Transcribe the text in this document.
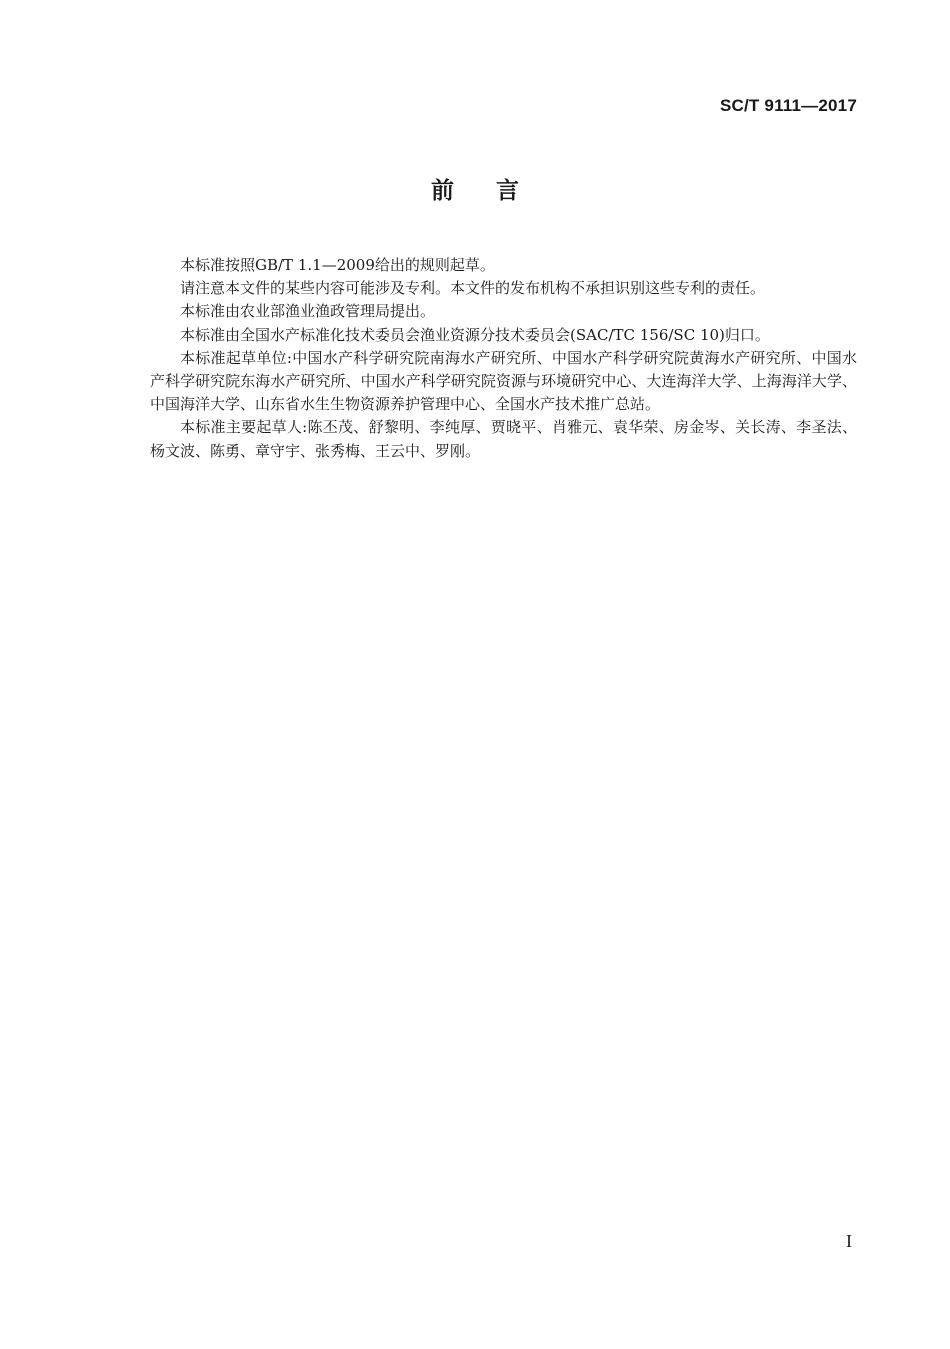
SC/T 9111—2017
前 言

本标准按照GB/T 1.1—2009给出的规则起草。

请注意本文件的某些内容可能涉及专利。本文件的发布机构不承担识别这些专利的责任。

本标准由农业部渔业渔政管理局提出。

本标准由全国水产标准化技术委员会渔业资源分技术委员会(SAC/TC 156/SC 10)归口。

本标准起草单位:中国水产科学研究院南海水产研究所、中国水产科学研究院黄海水产研究所、中国水产科学研究院东海水产研究所、中国水产科学研究院资源与环境研究中心、大连海洋大学、上海海洋大学、中国海洋大学、山东省水生生物资源养护管理中心、全国水产技术推广总站。

本标准主要起草人:陈丕茂、舒黎明、李纯厚、贾晓平、肖雅元、袁华荣、房金岑、关长涛、李圣法、杨文波、陈勇、章守宇、张秀梅、王云中、罗刚。

I
